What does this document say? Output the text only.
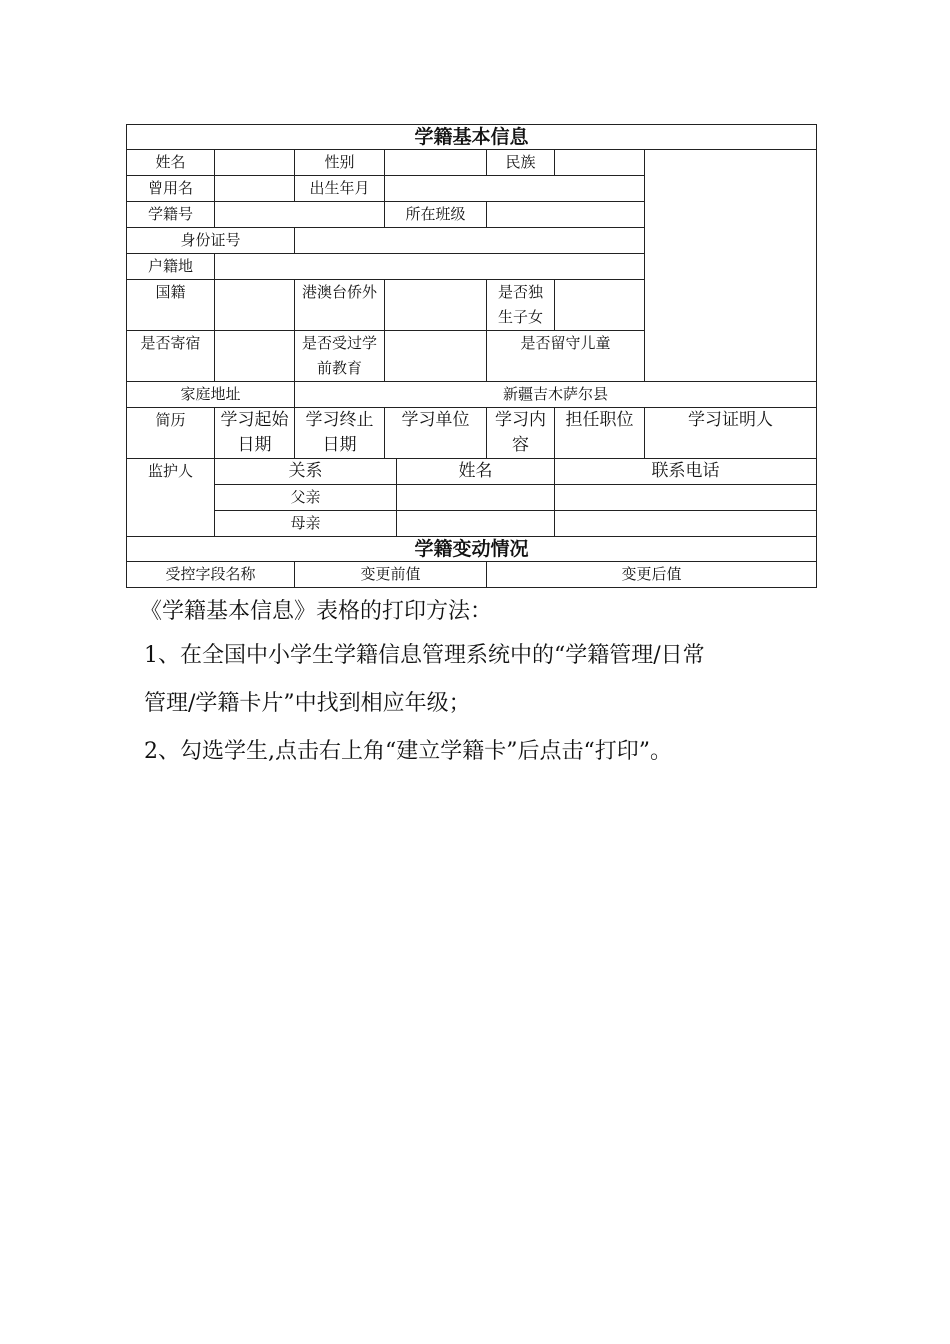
学籍基本信息							
姓名		性别			民族		
曾用名		出生年月					
学籍号			所在班级				
身份证号							
户籍地							
国籍		港澳台侨外			是否独生子女		
是否寄宿		是否受过学前教育			是否留守儿童		
家庭地址		新疆吉木萨尔县					
简历	学习起始日期	学习终止日期	学习单位		学习内容	担任职位	学习证明人
监护人	关系			姓名		联系电话	
	父亲						
	母亲						
学籍变动情况							
受控字段名称		变更前值			变更后值		

《学籍基本信息》表格的打印方法：

1、在全国中小学生学籍信息管理系统中的“学籍管理/日常

管理/学籍卡片”中找到相应年级；

2、勾选学生,点击右上角“建立学籍卡”后点击“打印”。
